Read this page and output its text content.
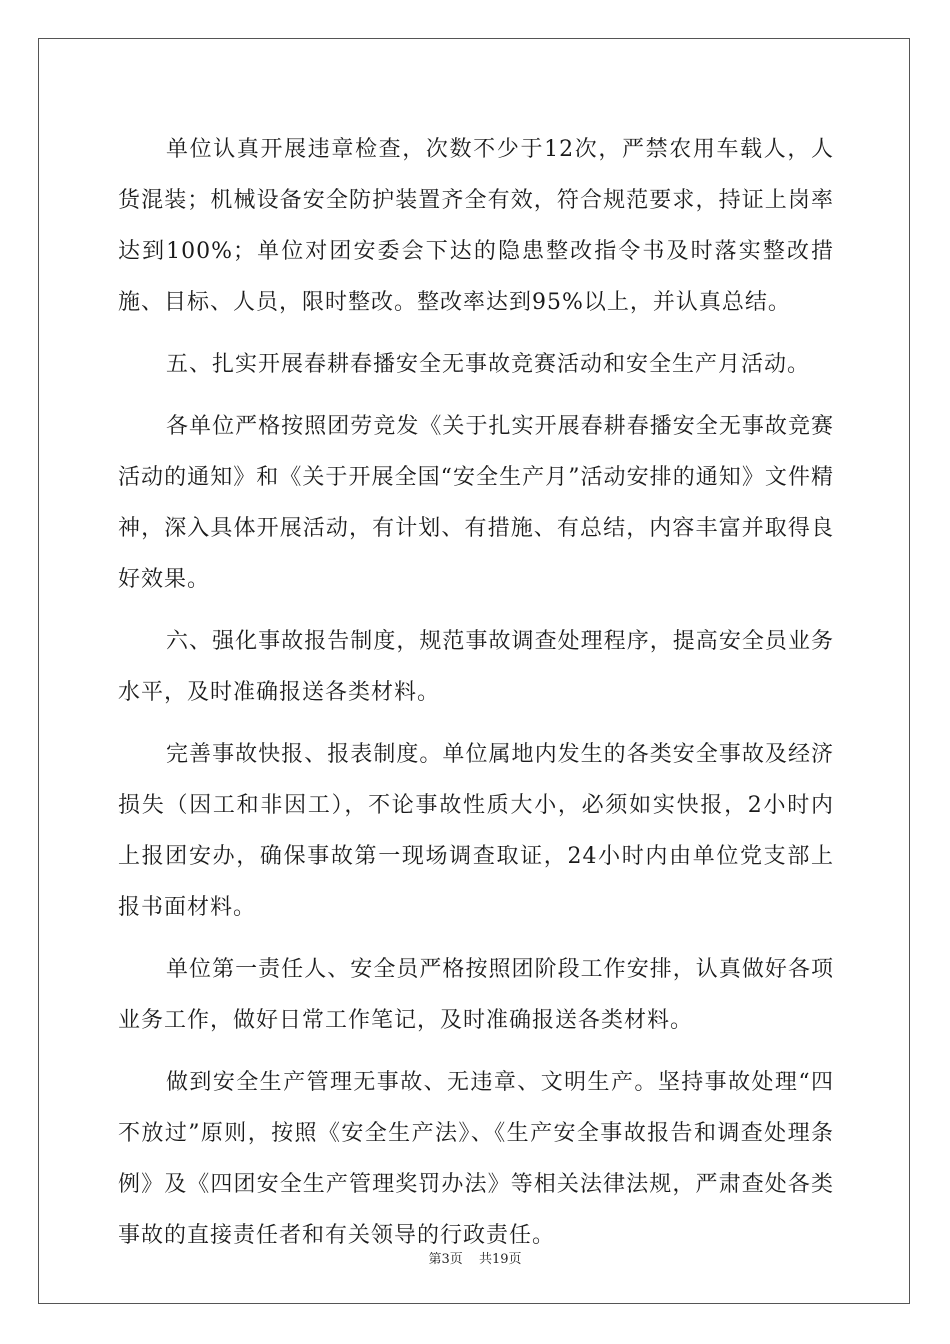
单位认真开展违章检查，次数不少于12次，严禁农用车载人，人货混装；机械设备安全防护装置齐全有效，符合规范要求，持证上岗率达到100%；单位对团安委会下达的隐患整改指令书及时落实整改措施、目标、人员，限时整改。整改率达到95%以上，并认真总结。

五、扎实开展春耕春播安全无事故竞赛活动和安全生产月活动。

各单位严格按照团劳竞发《关于扎实开展春耕春播安全无事故竞赛活动的通知》和《关于开展全国“安全生产月”活动安排的通知》文件精神，深入具体开展活动，有计划、有措施、有总结，内容丰富并取得良好效果。

六、强化事故报告制度，规范事故调查处理程序，提高安全员业务水平，及时准确报送各类材料。

完善事故快报、报表制度。单位属地内发生的各类安全事故及经济损失（因工和非因工），不论事故性质大小，必须如实快报，2小时内上报团安办，确保事故第一现场调查取证，24小时内由单位党支部上报书面材料。

单位第一责任人、安全员严格按照团阶段工作安排，认真做好各项业务工作，做好日常工作笔记，及时准确报送各类材料。

做到安全生产管理无事故、无违章、文明生产。坚持事故处理“四不放过”原则，按照《安全生产法》、《生产安全事故报告和调查处理条例》及《四团安全生产管理奖罚办法》等相关法律法规，严肃查处各类事故的直接责任者和有关领导的行政责任。

第3页 共19页
